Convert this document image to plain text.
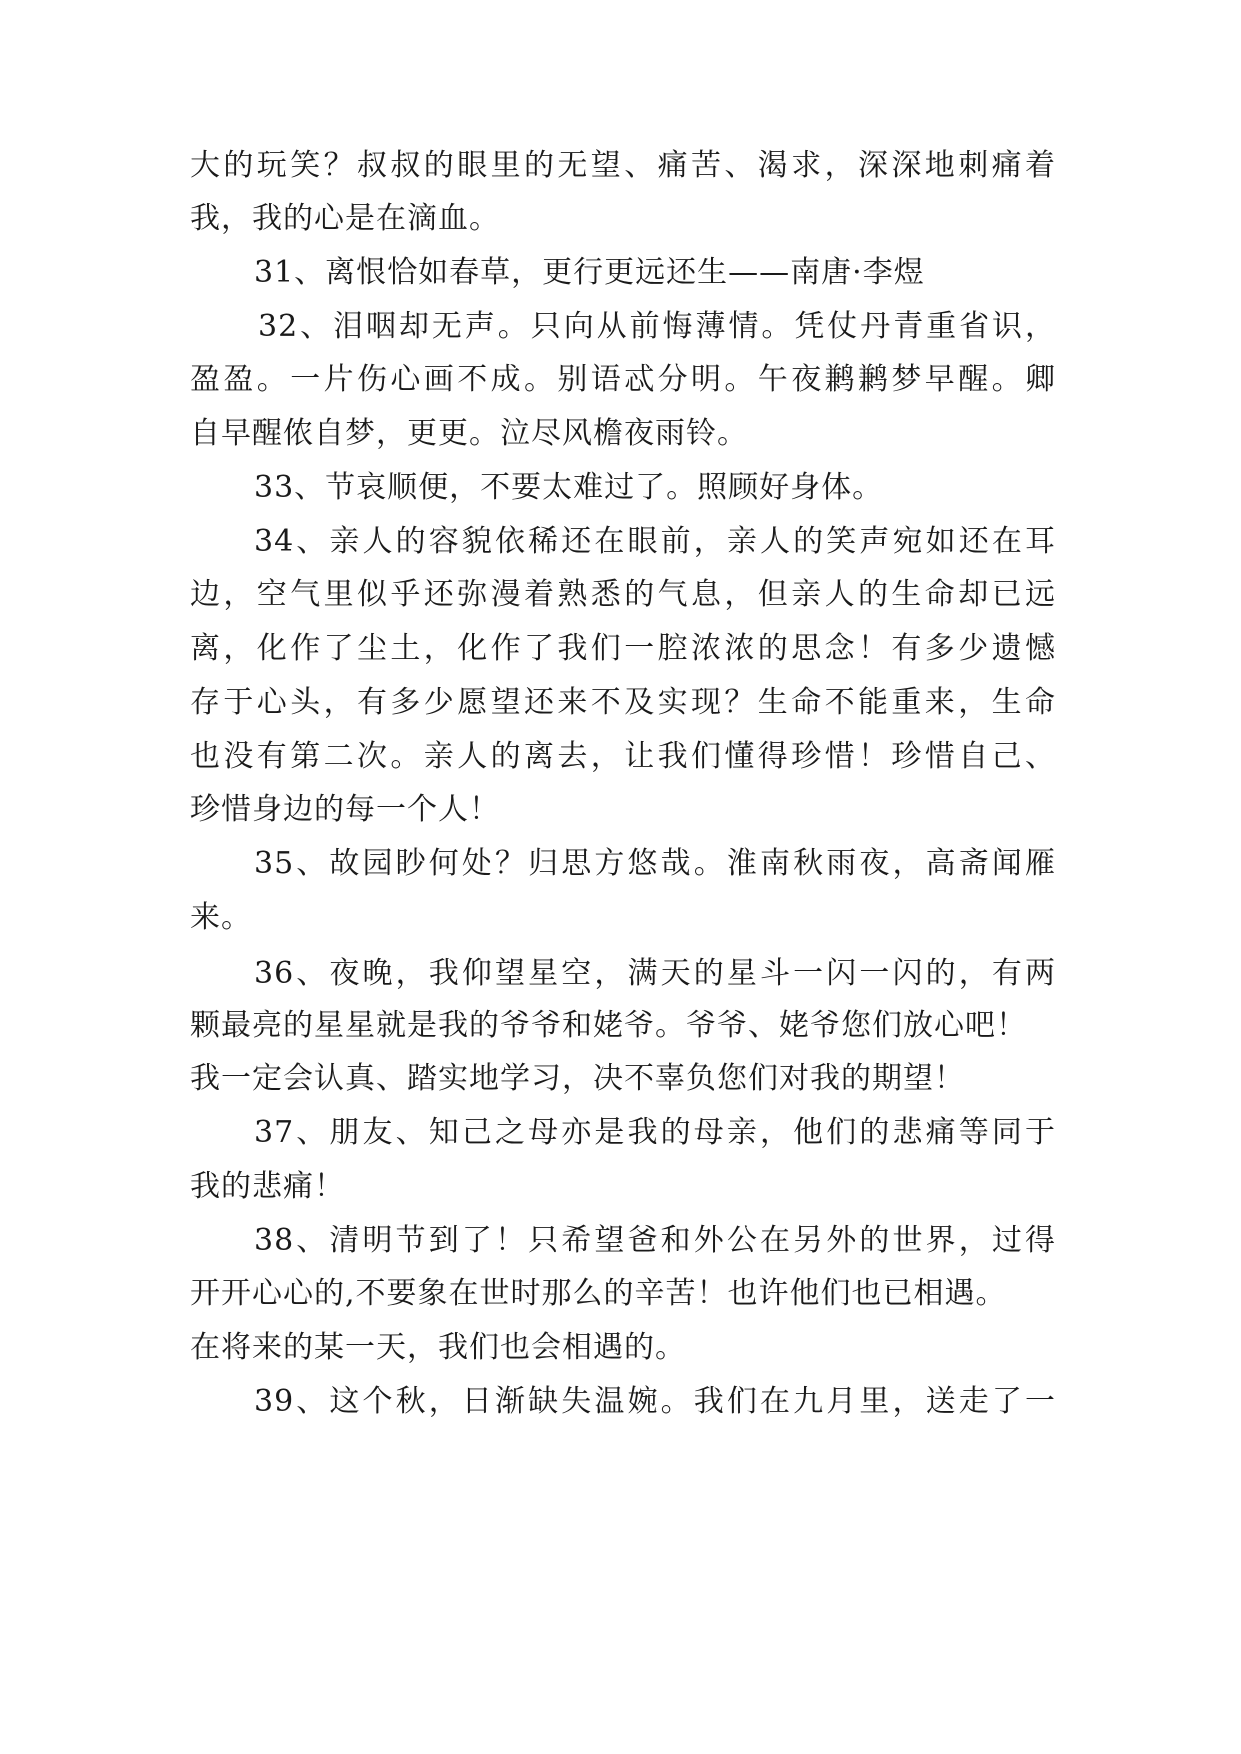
大的玩笑？叔叔的眼里的无望、痛苦、渴求，深深地刺痛着
我，我的心是在滴血。
31、离恨恰如春草，更行更远还生——南唐·李煜
32、泪咽却无声。只向从前悔薄情。凭仗丹青重省识，
盈盈。一片伤心画不成。别语忒分明。午夜鹣鹣梦早醒。卿
自早醒侬自梦，更更。泣尽风檐夜雨铃。
33、节哀顺便，不要太难过了。照顾好身体。
34、亲人的容貌依稀还在眼前，亲人的笑声宛如还在耳
边，空气里似乎还弥漫着熟悉的气息，但亲人的生命却已远
离，化作了尘土，化作了我们一腔浓浓的思念！有多少遗憾
存于心头，有多少愿望还来不及实现？生命不能重来，生命
也没有第二次。亲人的离去，让我们懂得珍惜！珍惜自己、
珍惜身边的每一个人！
35、故园眇何处？归思方悠哉。淮南秋雨夜，高斋闻雁
来。
36、夜晚，我仰望星空，满天的星斗一闪一闪的，有两
颗最亮的星星就是我的爷爷和姥爷。爷爷、姥爷您们放心吧！
我一定会认真、踏实地学习，决不辜负您们对我的期望！
37、朋友、知己之母亦是我的母亲，他们的悲痛等同于
我的悲痛！
38、清明节到了！只希望爸和外公在另外的世界，过得
开开心心的,不要象在世时那么的辛苦！也许他们也已相遇。
在将来的某一天，我们也会相遇的。
39、这个秋，日渐缺失温婉。我们在九月里，送走了一
